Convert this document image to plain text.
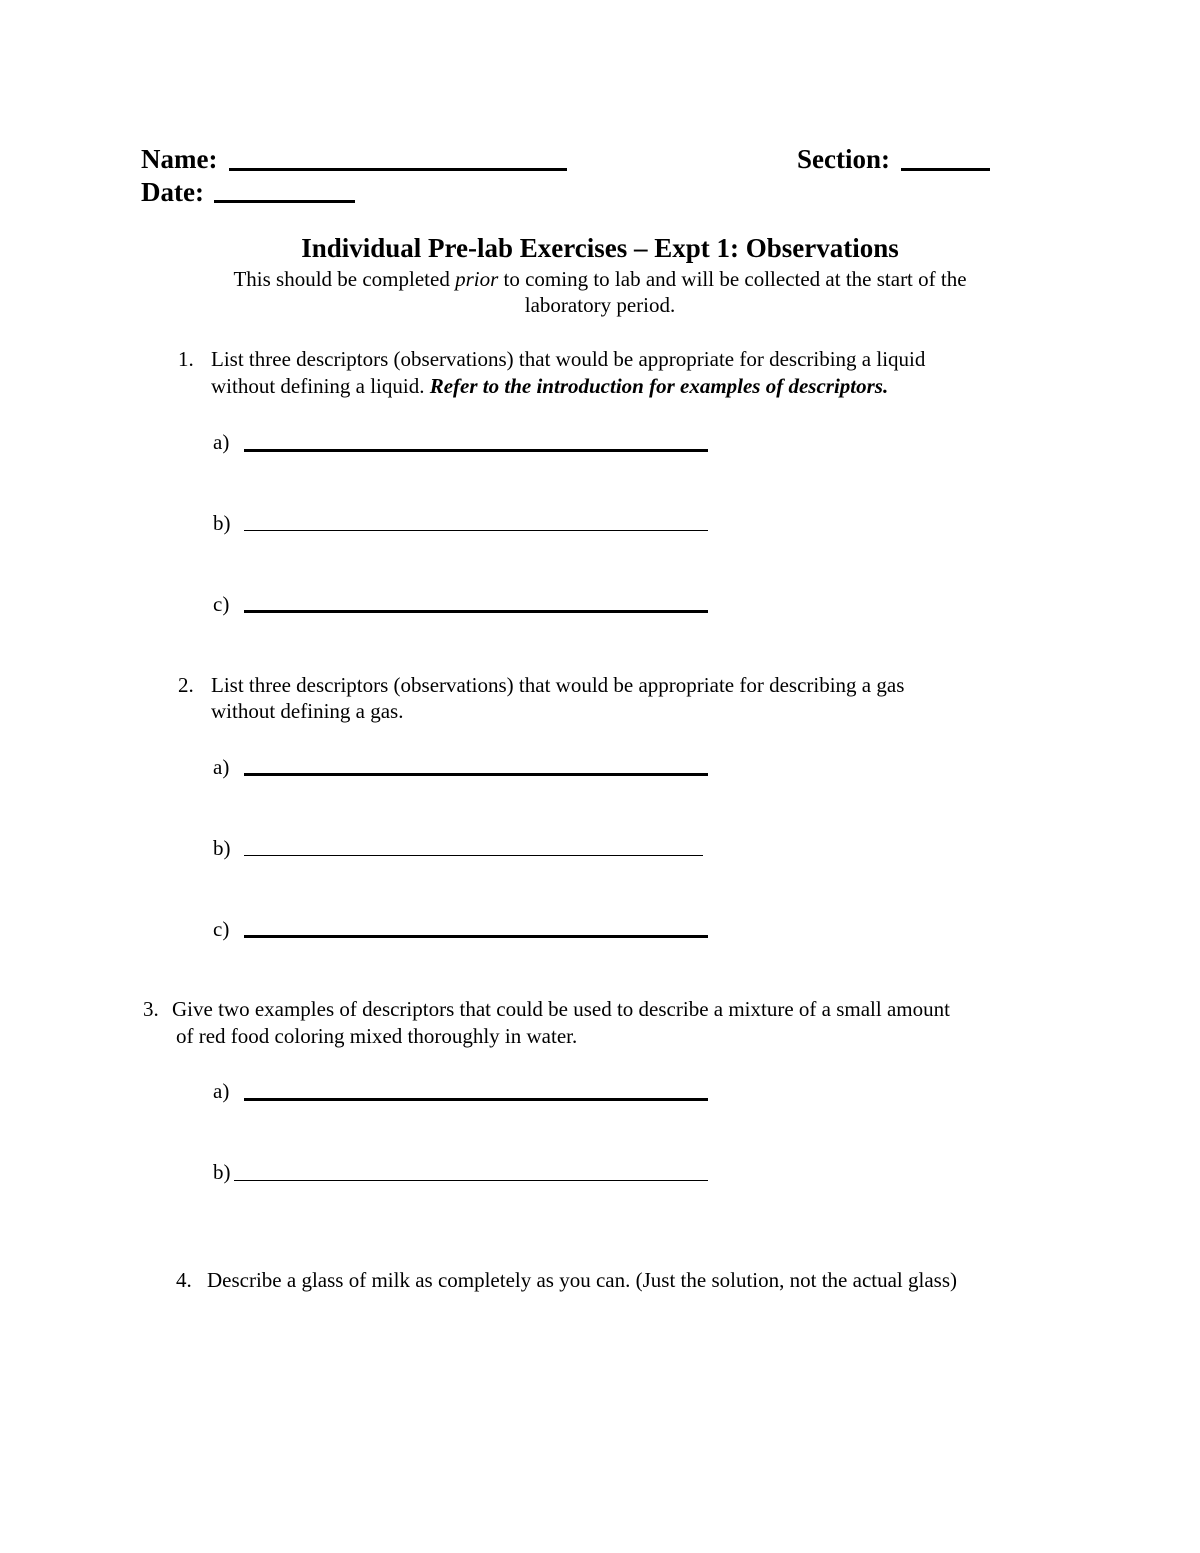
Name:	Section:
Date:
Individual Pre-lab Exercises – Expt 1: Observations
This should be completed prior to coming to lab and will be collected at the start of the
laboratory period.
1. List three descriptors (observations) that would be appropriate for describing a liquid
without defining a liquid. Refer to the introduction for examples of descriptors.
a)
b)
c)
2. List three descriptors (observations) that would be appropriate for describing a gas
without defining a gas.
a)
b)
c)
3. Give two examples of descriptors that could be used to describe a mixture of a small amount
of red food coloring mixed thoroughly in water.
a)
b)
4. Describe a glass of milk as completely as you can. (Just the solution, not the actual glass)
